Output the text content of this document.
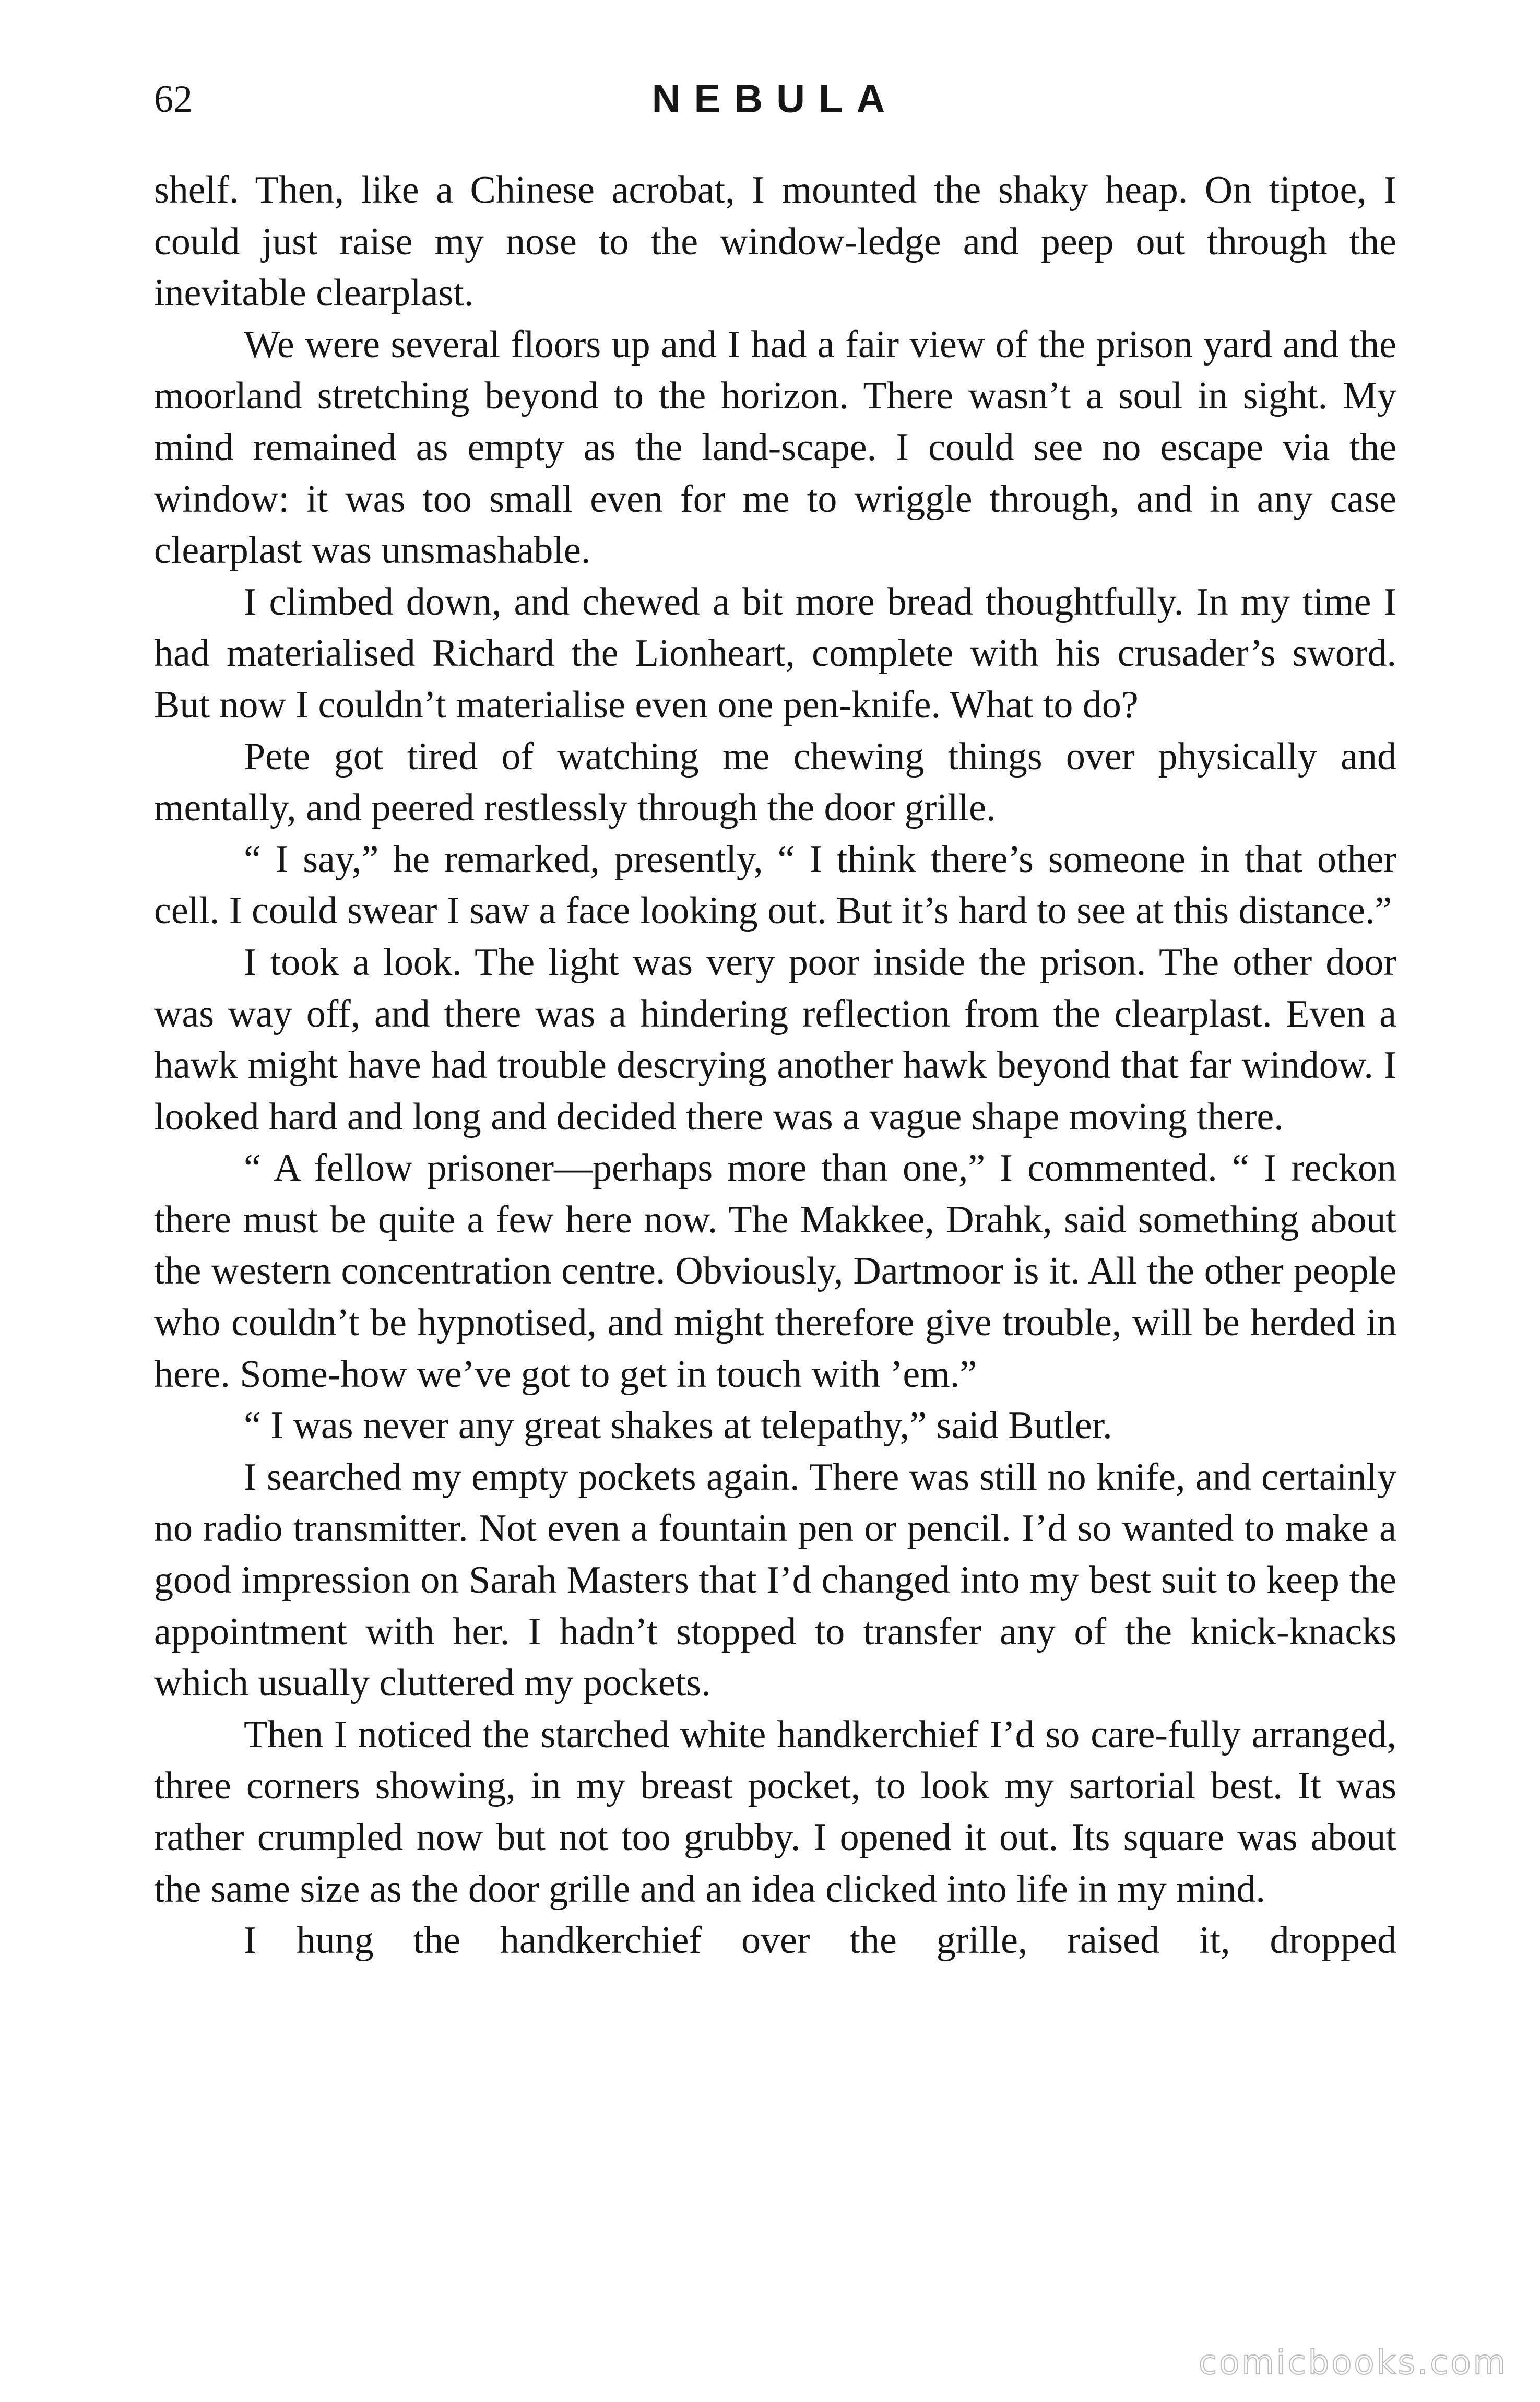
62	NEBULA

shelf. Then, like a Chinese acrobat, I mounted the shaky heap. On tiptoe, I could just raise my nose to the window-ledge and peep out through the inevitable clearplast.

We were several floors up and I had a fair view of the prison yard and the moorland stretching beyond to the horizon. There wasn’t a soul in sight. My mind remained as empty as the land-scape. I could see no escape via the window: it was too small even for me to wriggle through, and in any case clearplast was unsmashable.

I climbed down, and chewed a bit more bread thoughtfully. In my time I had materialised Richard the Lionheart, complete with his crusader’s sword. But now I couldn’t materialise even one pen-knife. What to do?

Pete got tired of watching me chewing things over physically and mentally, and peered restlessly through the door grille.

“ I say,” he remarked, presently, “ I think there’s someone in that other cell. I could swear I saw a face looking out. But it’s hard to see at this distance.”

I took a look. The light was very poor inside the prison. The other door was way off, and there was a hindering reflection from the clearplast. Even a hawk might have had trouble descrying another hawk beyond that far window. I looked hard and long and decided there was a vague shape moving there.

“ A fellow prisoner—perhaps more than one,” I commented. “ I reckon there must be quite a few here now. The Makkee, Drahk, said something about the western concentration centre. Obviously, Dartmoor is it. All the other people who couldn’t be hypnotised, and might therefore give trouble, will be herded in here. Some-how we’ve got to get in touch with ’em.”

“ I was never any great shakes at telepathy,” said Butler.

I searched my empty pockets again. There was still no knife, and certainly no radio transmitter. Not even a fountain pen or pencil. I’d so wanted to make a good impression on Sarah Masters that I’d changed into my best suit to keep the appointment with her. I hadn’t stopped to transfer any of the knick-knacks which usually cluttered my pockets.

Then I noticed the starched white handkerchief I’d so care-fully arranged, three corners showing, in my breast pocket, to look my sartorial best. It was rather crumpled now but not too grubby. I opened it out. Its square was about the same size as the door grille and an idea clicked into life in my mind.

I hung the handkerchief over the grille, raised it, dropped

comicbooks.com
